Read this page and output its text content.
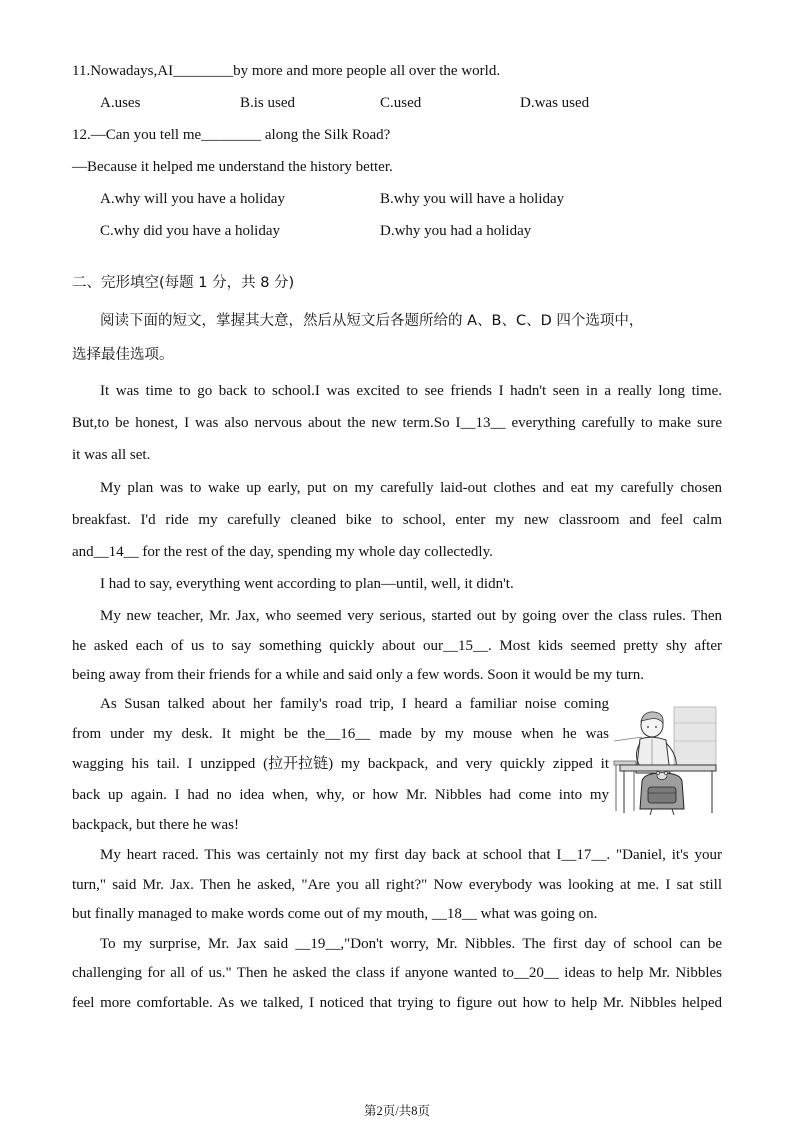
11.Nowadays,AI________by more and more people all over the world.
A.uses	B.is used	C.used	D.was used
12.—Can you tell me________ along the Silk Road?
—Because it helped me understand the history better.
A.why will you have a holiday	B.why you will have a holiday
C.why did you have a holiday	D.why you had a holiday
二、完形填空(每题 1 分，共 8 分)
阅读下面的短文，掌握其大意，然后从短文后各题所给的 A、B、C、D 四个选项中，
选择最佳选项。
It was time to go back to school.I was excited to see friends I hadn't seen in a really long time.
But,to be honest, I was also nervous about the new term.So I__13__ everything carefully to make sure
it was all set.
My plan was to wake up early, put on my carefully laid-out clothes and eat my carefully chosen
breakfast. I'd ride my carefully cleaned bike to school, enter my new classroom and feel calm
and__14__ for the rest of the day, spending my whole day collectedly.
I had to say, everything went according to plan—until, well, it didn't.
My new teacher, Mr. Jax, who seemed very serious, started out by going over the class rules. Then
he asked each of us to say something quickly about our__15__. Most kids seemed pretty shy after
being away from their friends for a while and said only a few words. Soon it would be my turn.
As Susan talked about her family's road trip, I heard a familiar noise coming
from under my desk. It might be the__16__ made by my mouse when he was
wagging his tail. I unzipped (拉开拉链) my backpack, and very quickly zipped it
back up again. I had no idea when, why, or how Mr. Nibbles had come into my
backpack, but there he was!
My heart raced. This was certainly not my first day back at school that I__17__. "Daniel, it's your
turn," said Mr. Jax. Then he asked, "Are you all right?" Now everybody was looking at me. I sat still
but finally managed to make words come out of my mouth, __18__ what was going on.
To my surprise, Mr. Jax said __19__,"Don't worry, Mr. Nibbles. The first day of school can be
challenging for all of us." Then he asked the class if anyone wanted to__20__ ideas to help Mr. Nibbles
feel more comfortable. As we talked, I noticed that trying to figure out how to help Mr. Nibbles helped
第2页/共8页
